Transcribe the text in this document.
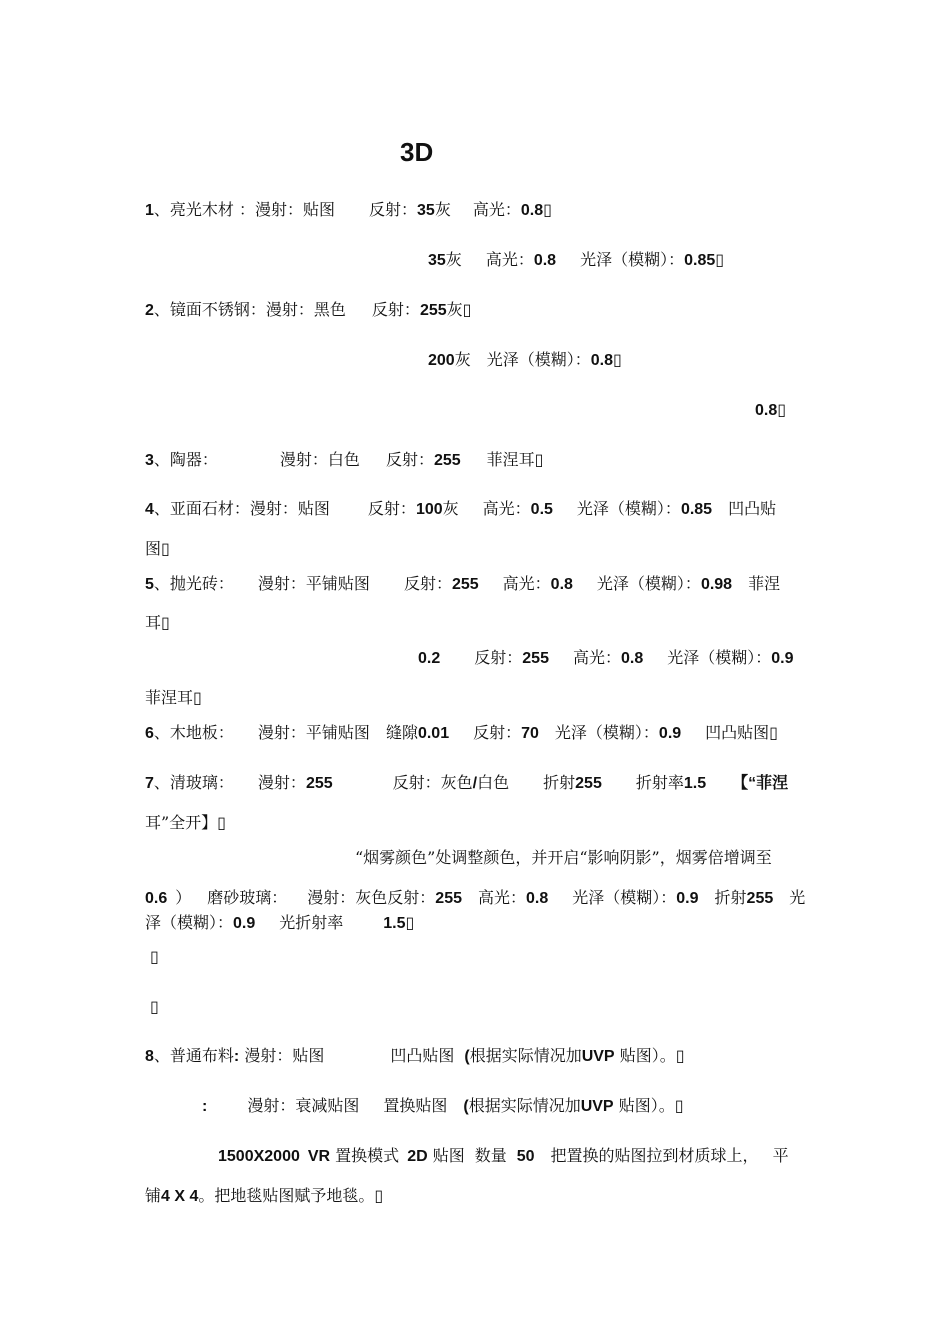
3D
1、亮光木材 ：漫射：贴图 反射：35灰 高光：0.8▯
35灰 高光：0.8 光泽（模糊）：0.85▯
2、镜面不锈钢：漫射：黑色 反射：255灰▯
200灰 光泽（模糊）：0.8▯
0.8▯
3、陶器：	漫射：白色 反射：255 菲涅耳▯
4、亚面石材：漫射：贴图 反射：100灰 高光：0.5 光泽（模糊）：0.85 凹凸贴
图▯
5、抛光砖： 漫射：平铺贴图 反射：255 高光：0.8 光泽（模糊）：0.98 菲涅
耳▯
0.2 反射：255 高光：0.8 光泽（模糊）：0.9
菲涅耳▯
6、木地板： 漫射：平铺贴图 缝隙0.01 反射：70 光泽（模糊）：0.9 凹凸贴图▯
7、清玻璃： 漫射：255	反射：灰色/白色 折射255 折射率1.5 【“菲涅
耳”全开】▯
“烟雾颜色”处调整颜色，并开启“影响阴影”，烟雾倍增调至
0.6 ） 磨砂玻璃： 漫射：灰色反射：255 高光：0.8 光泽（模糊）：0.9 折射255 光
泽（模糊）：0.9 光折射率	1.5▯
▯
▯
8、普通布料: 漫射：贴图	凹凸贴图 (根据实际情况加UVP 贴图）。▯
:	漫射：衰减贴图 置换贴图 (根据实际情况加UVP 贴图）。▯
1500X2000 VR 置换模式 2D 贴图 数量 50 把置换的贴图拉到材质球上， 平
铺4 X 4。把地毯贴图赋予地毯。▯
